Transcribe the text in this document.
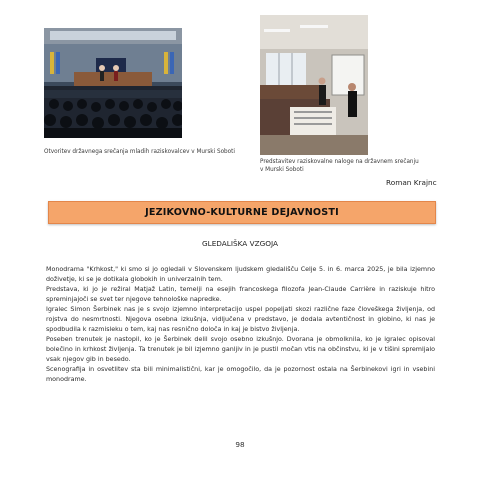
Otvoritev državnega srečanja mladih raziskovalcev v Murski Soboti
Predstavitev raziskovalne naloge na državnem srečanju v Murski Soboti
Roman Krajnc
JEZIKOVNO-KULTURNE DEJAVNOSTI
GLEDALIŠKA VZGOJA

Monodrama "Krhkost," ki smo si jo ogledali v Slovenskem ljudskem gledališču Celje 5. in 6. marca 2025, je bila izjemno doživetje, ki se je dotikala globokih in univerzalnih tem.

Predstava, ki jo je režiral Matjaž Latin, temelji na esejih francoskega filozofa Jean-Claude Carrière in raziskuje hitro spreminjajoči se svet ter njegove tehnološke napredke.

Igralec Simon Šerbinek nas je s svojo izjemno interpretacijo uspel popeljati skozi različne faze človeškega življenja, od rojstva do nesmrtnosti. Njegova osebna izkušnja, vidljučena v predstavo, je dodala avtentičnost in globino, ki nas je spodbudila k razmisleku o tem, kaj nas resnično določa in kaj je bistvo življenja.

Poseben trenutek je nastopil, ko je Šerbinek delil svojo osebno izkušnjo. Dvorana je obmolknila, ko je igralec opisoval bolečino in krhkost življenja. Ta trenutek je bil izjemno ganljiv in je pustil močan vtis na občinstvu, ki je v tišini spremljalo vsak njegov gib in besedo.

Scenografija in osvetlitev sta bili minimalistični, kar je omogočilo, da je pozornost ostala na Šerbinekovi igri in vsebini monodrame.

98
